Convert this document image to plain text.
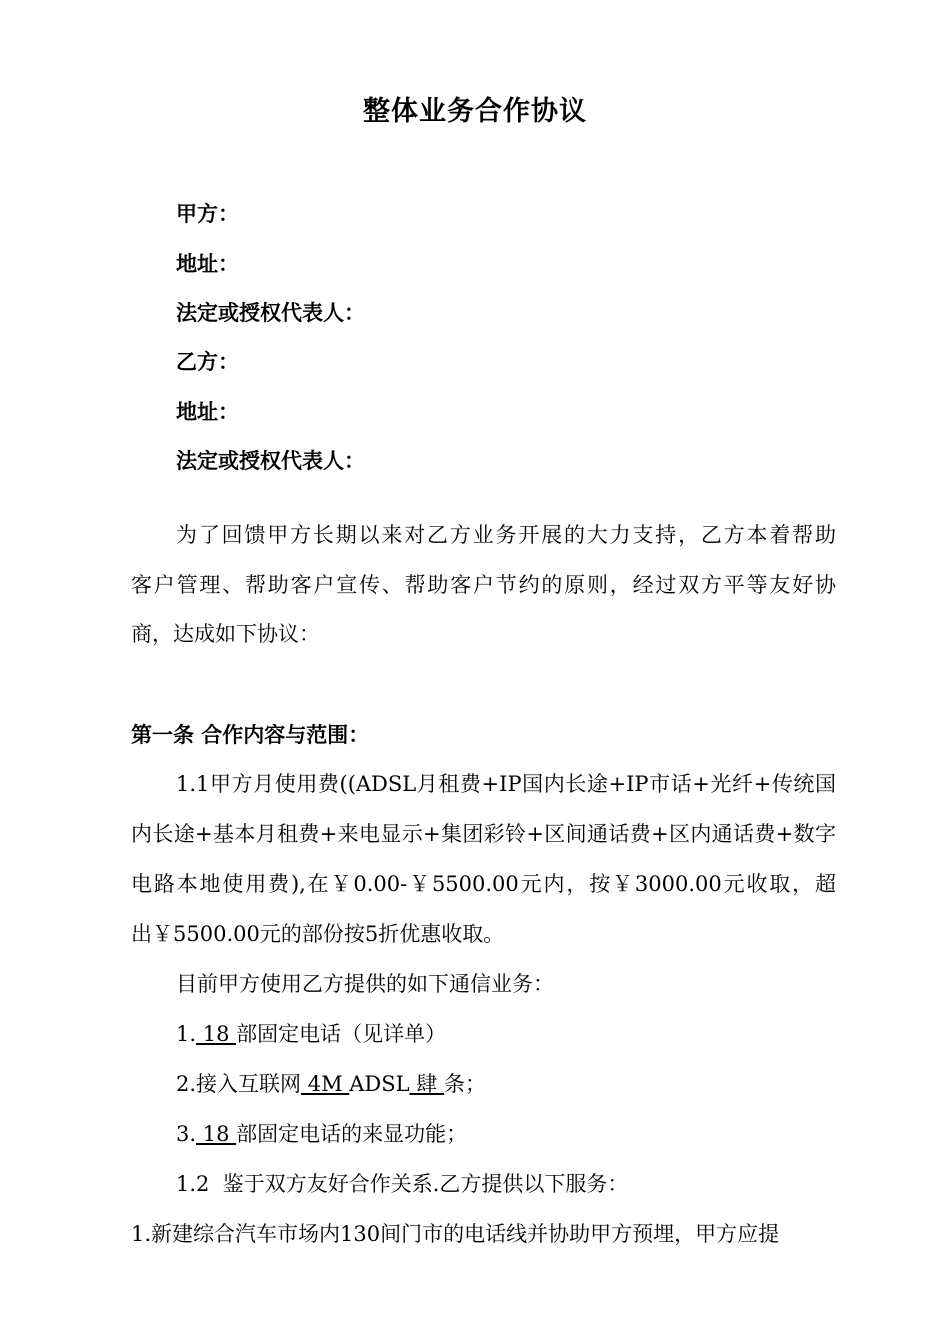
整体业务合作协议
甲方：
地址：
法定或授权代表人：
乙方：
地址：
法定或授权代表人：
为了回馈甲方长期以来对乙方业务开展的大力支持，乙方本着帮助
客户管理、帮助客户宣传、帮助客户节约的原则，经过双方平等友好协
商，达成如下协议：
第一条 合作内容与范围：
1.1甲方月使用费((ADSL月租费+IP国内长途+IP市话+光纤+传统国
内长途+基本月租费+来电显示+集团彩铃+区间通话费+区内通话费+数字
电路本地使用费),在￥0.00-￥5500.00元内，按￥3000.00元收取，超
出￥5500.00元的部份按5折优惠收取。
目前甲方使用乙方提供的如下通信业务：
1. 18 部固定电话（见详单）
2.接入互联网 4M ADSL 肆 条；
3. 18 部固定电话的来显功能；
1.2  鉴于双方友好合作关系.乙方提供以下服务：
1.新建综合汽车市场内130间门市的电话线并协助甲方预埋，甲方应提
